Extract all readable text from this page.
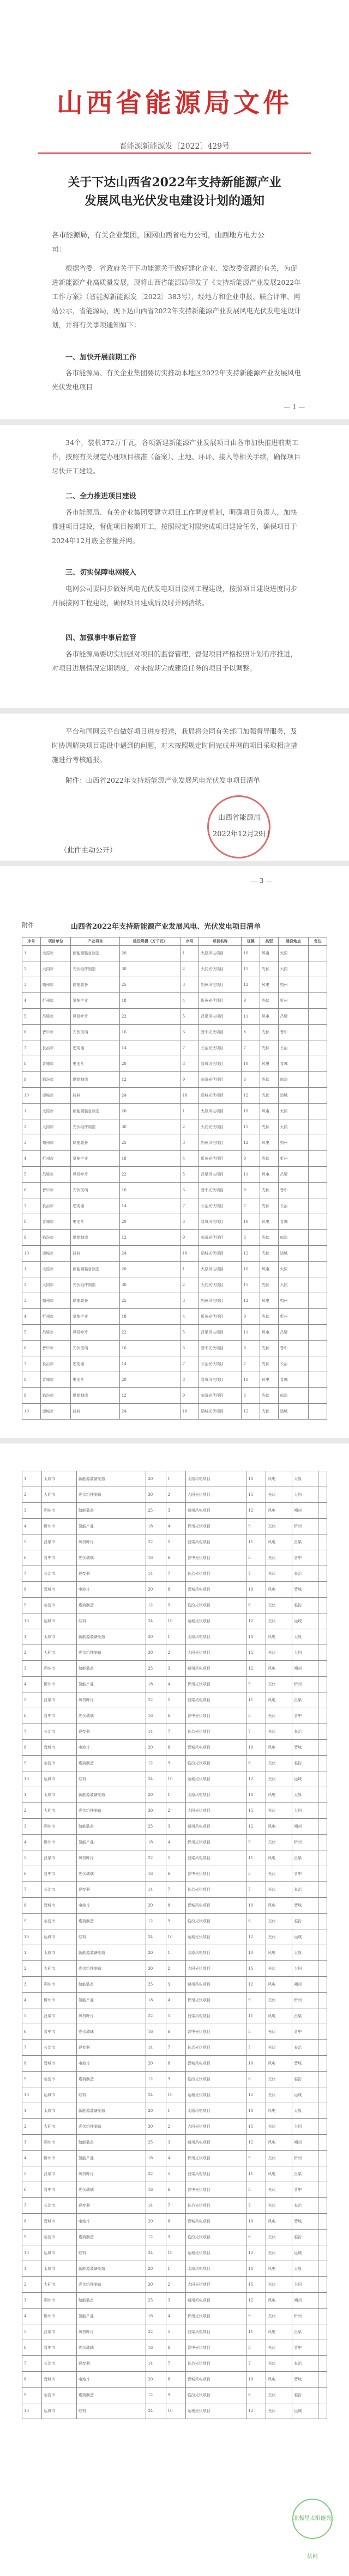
山西省能源局文件
晋能源新能源发〔2022〕429号
关于下达山西省2022年支持新能源产业
发展风电光伏发电建设计划的通知
各市能源局，有关企业集团，国网山西省电力公司，山西地方电力公
司：
根据省委、省政府关于下功能源关于做好建化企业、发改委资源的有关，为促进新能源产业高质量发展，现将山西省能源局印发了《支持新能源产业发展2022年工作方案》（晋能源新能源发〔2022〕383号），经地方和企业申报、联合评审、网站公示，省能源局，现下达山西省2022年支持新能源产业发展风电光伏发电建设计划，并将有关事项通知如下：
一、加快开展前期工作
各市能源局、有关企业集团要切实推动本地区2022年支持新能源产业发展风电光伏发电项目
— 1 —
34个，装机372万千瓦，各项新建新能源产业发展项目由各市加快推进前期工作，按照有关规定办理项目核准（备案）、土地、环评、接入等相关手续，确保项目尽快开工建设。
二、全力推进项目建设
各市能源局、有关企业集团要建立项目工作调度机制，明确项目负责人，加快推进项目建设，督促项目按期开工，按照规定时限完成项目建设任务，确保项目于2024年12月底全容量并网。
三、切实保障电网接入
电网公司要同步做好风电光伏发电项目接网工程建设，按照项目建设进度同步开展接网工程建设，确保项目建成后及时并网消纳。
四、加强事中事后监管
各市能源局要切实加强对项目的监督管理，督促项目严格按照计划有序推进，对项目进展情况定期调度，对未按期完成建设任务的项目予以调整。
平台和国网云平台做好项目进度报送，我局将会同有关部门加强督导服务，及时协调解决项目建设中遇到的问题，对未按照规定时间完成并网的项目采取相应措施进行考核通报。
附件：山西省2022年支持新能源产业发展风电光伏发电项目清单
山西省能源局
2022年12月29日
（此件主动公开）
— 3 —
附件	山西省2022年支持新能源产业发展风电、光伏发电项目清单
序号	项目单位	产业项目	建设规模（万千瓦）	序号	项目名称	规模	类型	建设地点	备注
1	太原市	新能源装备制造	20	1	太原风电项目	10	风电	太原	
2	大同市	光伏组件制造	30	2	大同光伏项目	15	光伏	大同	
3	朔州市	储能装备	25	3	朔州风电项目	12	风电	朔州	
4	忻州市	氢能产业	18	4	忻州光伏项目	9	光伏	忻州	
5	吕梁市	风机叶片	22	5	吕梁风电项目	11	风电	吕梁	
6	晋中市	光伏玻璃	16	6	晋中光伏项目	8	光伏	晋中	
7	长治市	逆变器	14	7	长治光伏项目	7	光伏	长治	
8	晋城市	电池片	20	8	晋城风电项目	10	风电	晋城	
9	临汾市	塔筒制造	12	9	临汾光伏项目	6	光伏	临汾	
10	运城市	硅料	24	10	运城光伏项目	12	光伏	运城	
1	太原市	新能源装备制造	20	1	太原风电项目	10	风电	太原	
2	大同市	光伏组件制造	30	2	大同光伏项目	15	光伏	大同	
3	朔州市	储能装备	25	3	朔州风电项目	12	风电	朔州	
4	忻州市	氢能产业	18	4	忻州光伏项目	9	光伏	忻州	
5	吕梁市	风机叶片	22	5	吕梁风电项目	11	风电	吕梁	
6	晋中市	光伏玻璃	16	6	晋中光伏项目	8	光伏	晋中	
7	长治市	逆变器	14	7	长治光伏项目	7	光伏	长治	
8	晋城市	电池片	20	8	晋城风电项目	10	风电	晋城	
9	临汾市	塔筒制造	12	9	临汾光伏项目	6	光伏	临汾	
10	运城市	硅料	24	10	运城光伏项目	12	光伏	运城	
1	太原市	新能源装备制造	20	1	太原风电项目	10	风电	太原	
2	大同市	光伏组件制造	30	2	大同光伏项目	15	光伏	大同	
3	朔州市	储能装备	25	3	朔州风电项目	12	风电	朔州	
4	忻州市	氢能产业	18	4	忻州光伏项目	9	光伏	忻州	
5	吕梁市	风机叶片	22	5	吕梁风电项目	11	风电	吕梁	
6	晋中市	光伏玻璃	16	6	晋中光伏项目	8	光伏	晋中	
7	长治市	逆变器	14	7	长治光伏项目	7	光伏	长治	
8	晋城市	电池片	20	8	晋城风电项目	10	风电	晋城	
9	临汾市	塔筒制造	12	9	临汾光伏项目	6	光伏	临汾	
10	运城市	硅料	24	10	运城光伏项目	12	光伏	运城	
1	太原市	新能源装备制造	20	1	太原风电项目	10	风电	太原	
2	大同市	光伏组件制造	30	2	大同光伏项目	15	光伏	大同	
3	朔州市	储能装备	25	3	朔州风电项目	12	风电	朔州	
4	忻州市	氢能产业	18	4	忻州光伏项目	9	光伏	忻州	
5	吕梁市	风机叶片	22	5	吕梁风电项目	11	风电	吕梁	
6	晋中市	光伏玻璃	16	6	晋中光伏项目	8	光伏	晋中	
7	长治市	逆变器	14	7	长治光伏项目	7	光伏	长治	
8	晋城市	电池片	20	8	晋城风电项目	10	风电	晋城	
9	临汾市	塔筒制造	12	9	临汾光伏项目	6	光伏	临汾	
10	运城市	硅料	24	10	运城光伏项目	12	光伏	运城	
1	太原市	新能源装备制造	20	1	太原风电项目	10	风电	太原	
2	大同市	光伏组件制造	30	2	大同光伏项目	15	光伏	大同	
3	朔州市	储能装备	25	3	朔州风电项目	12	风电	朔州	
4	忻州市	氢能产业	18	4	忻州光伏项目	9	光伏	忻州	
5	吕梁市	风机叶片	22	5	吕梁风电项目	11	风电	吕梁	
6	晋中市	光伏玻璃	16	6	晋中光伏项目	8	光伏	晋中	
7	长治市	逆变器	14	7	长治光伏项目	7	光伏	长治	
8	晋城市	电池片	20	8	晋城风电项目	10	风电	晋城	
9	临汾市	塔筒制造	12	9	临汾光伏项目	6	光伏	临汾	
10	运城市	硅料	24	10	运城光伏项目	12	光伏	运城	
1	太原市	新能源装备制造	20	1	太原风电项目	10	风电	太原	
2	大同市	光伏组件制造	30	2	大同光伏项目	15	光伏	大同	
3	朔州市	储能装备	25	3	朔州风电项目	12	风电	朔州	
4	忻州市	氢能产业	18	4	忻州光伏项目	9	光伏	忻州	
5	吕梁市	风机叶片	22	5	吕梁风电项目	11	风电	吕梁	
6	晋中市	光伏玻璃	16	6	晋中光伏项目	8	光伏	晋中	
7	长治市	逆变器	14	7	长治光伏项目	7	光伏	长治	
8	晋城市	电池片	20	8	晋城风电项目	10	风电	晋城	
9	临汾市	塔筒制造	12	9	临汾光伏项目	6	光伏	临汾	
10	运城市	硅料	24	10	运城光伏项目	12	光伏	运城	
1	太原市	新能源装备制造	20	1	太原风电项目	10	风电	太原	
2	大同市	光伏组件制造	30	2	大同光伏项目	15	光伏	大同	
3	朔州市	储能装备	25	3	朔州风电项目	12	风电	朔州	
4	忻州市	氢能产业	18	4	忻州光伏项目	9	光伏	忻州	
5	吕梁市	风机叶片	22	5	吕梁风电项目	11	风电	吕梁	
6	晋中市	光伏玻璃	16	6	晋中光伏项目	8	光伏	晋中	
7	长治市	逆变器	14	7	长治光伏项目	7	光伏	长治	
8	晋城市	电池片	20	8	晋城风电项目	10	风电	晋城	
9	临汾市	塔筒制造	12	9	临汾光伏项目	6	光伏	临汾	
10	运城市	硅料	24	10	运城光伏项目	12	光伏	运城	
1	太原市	新能源装备制造	20	1	太原风电项目	10	风电	太原	
2	大同市	光伏组件制造	30	2	大同光伏项目	15	光伏	大同	
3	朔州市	储能装备	25	3	朔州风电项目	12	风电	朔州	
4	忻州市	氢能产业	18	4	忻州光伏项目	9	光伏	忻州	
5	吕梁市	风机叶片	22	5	吕梁风电项目	11	风电	吕梁	
6	晋中市	光伏玻璃	16	6	晋中光伏项目	8	光伏	晋中	
7	长治市	逆变器	14	7	长治光伏项目	7	光伏	长治	
8	晋城市	电池片	20	8	晋城风电项目	10	风电	晋城	
9	临汾市	塔筒制造	12	9	临汾光伏项目	6	光伏	临汾	
10	运城市	硅料	24	10	运城光伏项目	12	光伏	运城	
1	太原市	新能源装备制造	20	1	太原风电项目	10	风电	太原	
2	大同市	光伏组件制造	30	2	大同光伏项目	15	光伏	大同	
3	朔州市	储能装备	25	3	朔州风电项目	12	风电	朔州	
4	忻州市	氢能产业	18	4	忻州光伏项目	9	光伏	忻州	
5	吕梁市	风机叶片	22	5	吕梁风电项目	11	风电	吕梁	
6	晋中市	光伏玻璃	16	6	晋中光伏项目	8	光伏	晋中	
7	长治市	逆变器	14	7	长治光伏项目	7	光伏	长治	
8	晋城市	电池片	20	8	晋城风电项目	10	风电	晋城	
9	临汾市	塔筒制造	12	9	临汾光伏项目	6	光伏	临汾	
10	运城市	硅料	24	10	运城光伏项目	12	光伏	运城	
北极星太阳能光伏网
